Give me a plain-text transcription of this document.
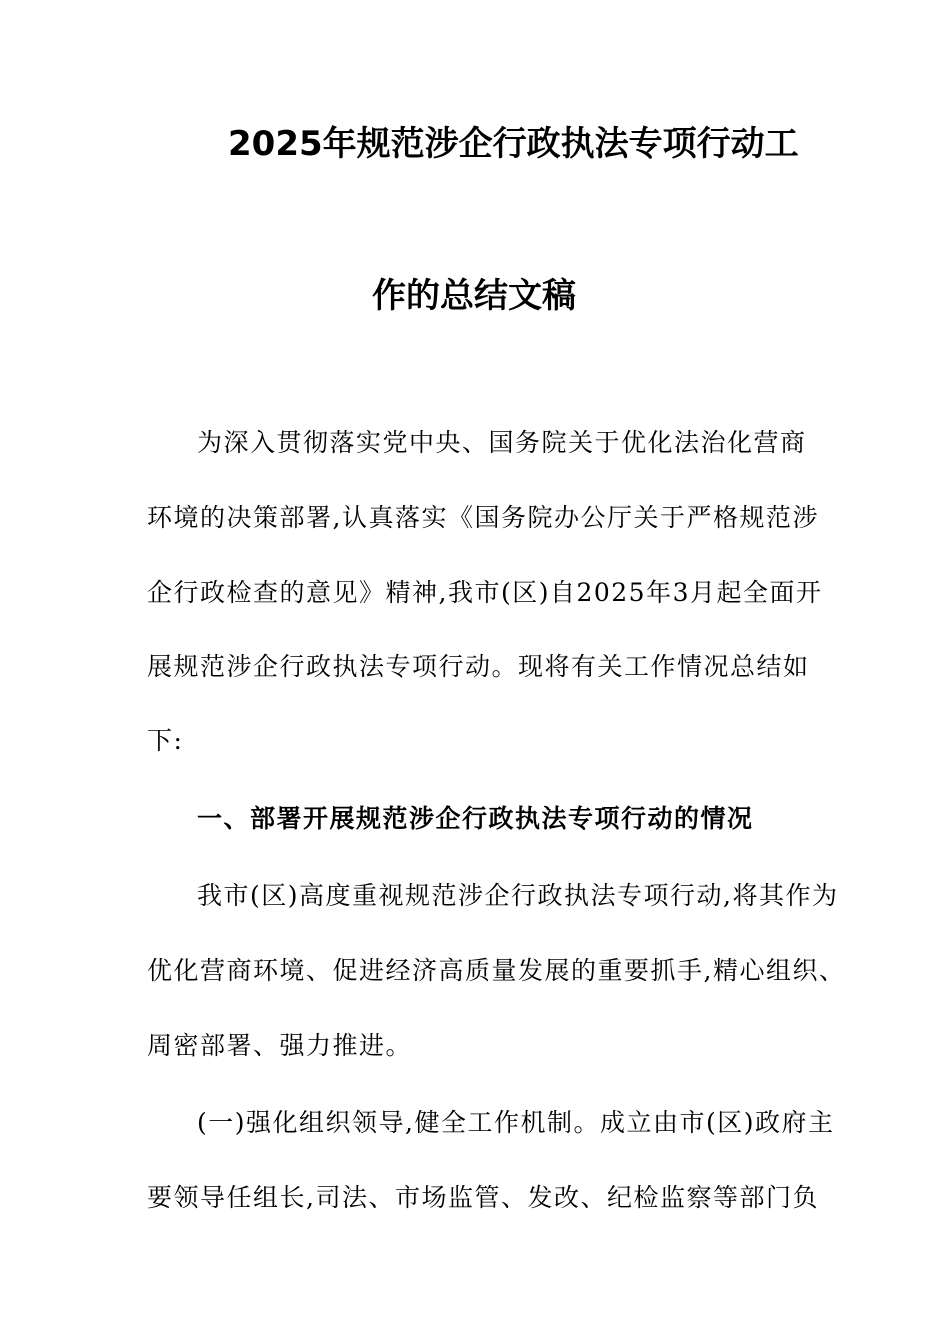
2025年规范涉企行政执法专项行动工
作的总结文稿
为深入贯彻落实党中央、国务院关于优化法治化营商
环境的决策部署,认真落实《国务院办公厅关于严格规范涉
企行政检查的意见》精神,我市(区)自2025年3月起全面开
展规范涉企行政执法专项行动。现将有关工作情况总结如
下:
一、部署开展规范涉企行政执法专项行动的情况
我市(区)高度重视规范涉企行政执法专项行动,将其作为
优化营商环境、促进经济高质量发展的重要抓手,精心组织、
周密部署、强力推进。
(一)强化组织领导,健全工作机制。成立由市(区)政府主
要领导任组长,司法、市场监管、发改、纪检监察等部门负
